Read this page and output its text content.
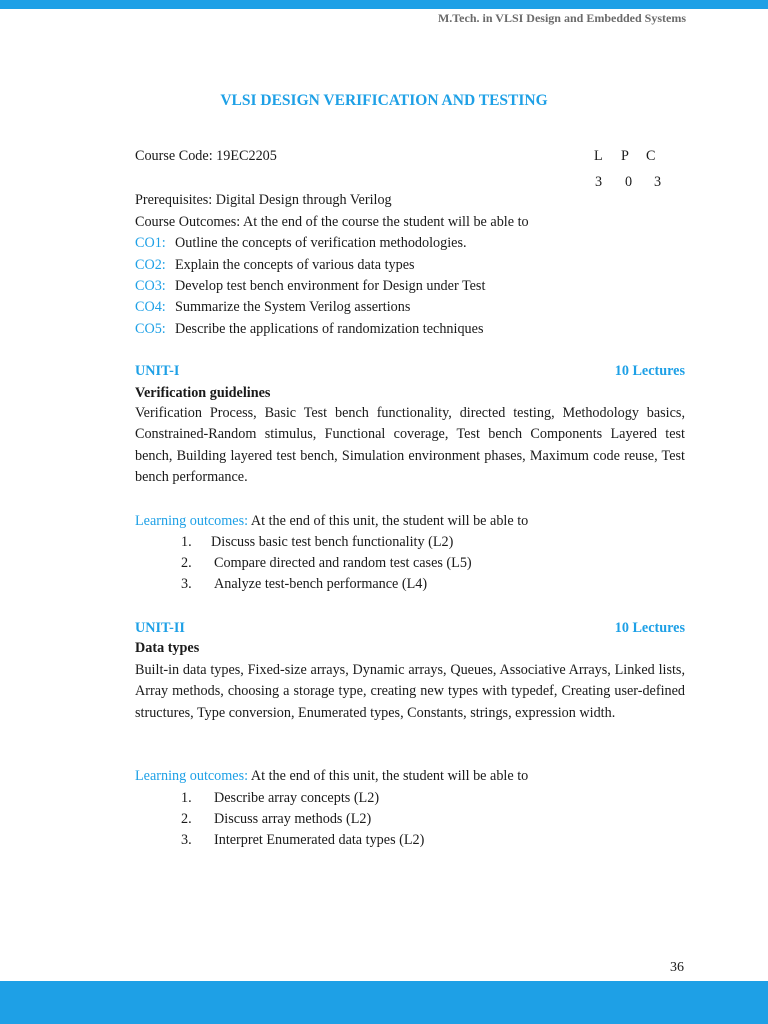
M.Tech. in VLSI Design and Embedded Systems
VLSI DESIGN VERIFICATION AND TESTING
Course Code: 19EC2205	L P C
3 0 3
Prerequisites: Digital Design through Verilog
Course Outcomes: At the end of the course the student will be able to
CO1: Outline the concepts of verification methodologies.
CO2: Explain the concepts of various data types
CO3: Develop test bench environment for Design under Test
CO4: Summarize the System Verilog assertions
CO5: Describe the applications of randomization techniques
UNIT-I	10 Lectures
Verification guidelines
Verification Process, Basic Test bench functionality, directed testing, Methodology basics, Constrained-Random stimulus, Functional coverage, Test bench Components Layered test bench, Building layered test bench, Simulation environment phases, Maximum code reuse, Test bench performance.
Learning outcomes: At the end of this unit, the student will be able to
1. Discuss basic test bench functionality (L2)
2. Compare directed and random test cases (L5)
3. Analyze test-bench performance (L4)
UNIT-II	10 Lectures
Data types
Built-in data types, Fixed-size arrays, Dynamic arrays, Queues, Associative Arrays, Linked lists, Array methods, choosing a storage type, creating new types with typedef, Creating user-defined structures, Type conversion, Enumerated types, Constants, strings, expression width.
Learning outcomes: At the end of this unit, the student will be able to
1. Describe array concepts (L2)
2. Discuss array methods (L2)
3. Interpret Enumerated data types (L2)
36
